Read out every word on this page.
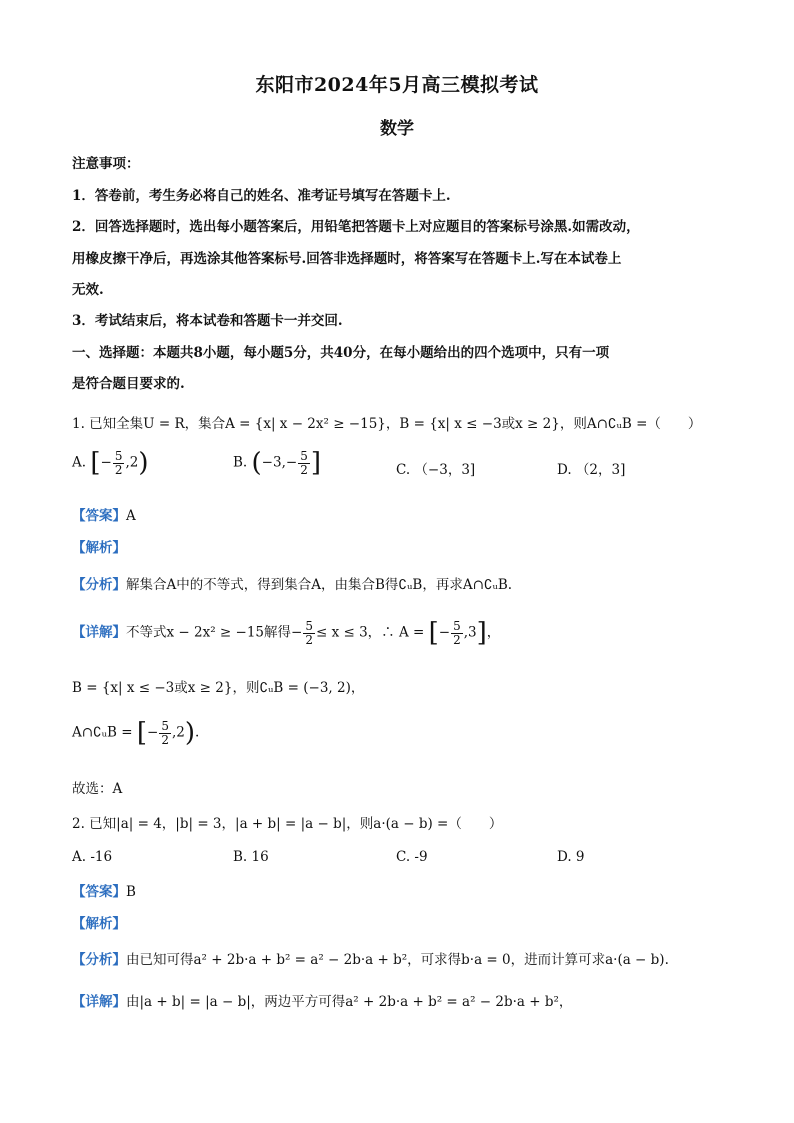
东阳市2024年5月高三模拟考试
数学
注意事项：
1．答卷前，考生务必将自己的姓名、准考证号填写在答题卡上.
2．回答选择题时，选出每小题答案后，用铅笔把答题卡上对应题目的答案标号涂黑.如需改动，
用橡皮擦干净后，再选涂其他答案标号.回答非选择题时，将答案写在答题卡上.写在本试卷上
无效.
3．考试结束后，将本试卷和答题卡一并交回.
一、选择题：本题共8小题，每小题5分，共40分，在每小题给出的四个选项中，只有一项
是符合题目要求的.
1. 已知全集U = R，集合A = {x| x − 2x² ≥ −15}，B = {x| x ≤ −3或x ≥ 2}，则A∩∁ᵤB =（　　）
A. [− $\frac{5}{2} ,2$)	B. ($-3,- \frac{5}{2}$ ]	C. （−3，3]	D. （2，3]
【答案】A
【解析】
【分析】解集合A中的不等式，得到集合A，由集合B得∁ᵤB，再求A∩∁ᵤB.
【详解】不等式x − 2x² ≥ −15解得− $\frac{5}{2} \le x \le 3$，∴ A = [− $\frac{5}{2} ,3$]，
B = {x| x ≤ −3或x ≥ 2}，则∁ᵤB = (−3, 2)，
A∩∁ᵤB = [− $\frac{5}{2} ,2$).
故选：A
2. 已知|a| = 4，|b| = 3，|a + b| = |a − b|，则a·(a − b) =（　　）
A. -16	B. 16	C. -9	D. 9
【答案】B
【解析】
【分析】由已知可得a² + 2b·a + b² = a² − 2b·a + b²，可求得b·a = 0，进而计算可求a·(a − b).
【详解】由|a + b| = |a − b|，两边平方可得a² + 2b·a + b² = a² − 2b·a + b²，
